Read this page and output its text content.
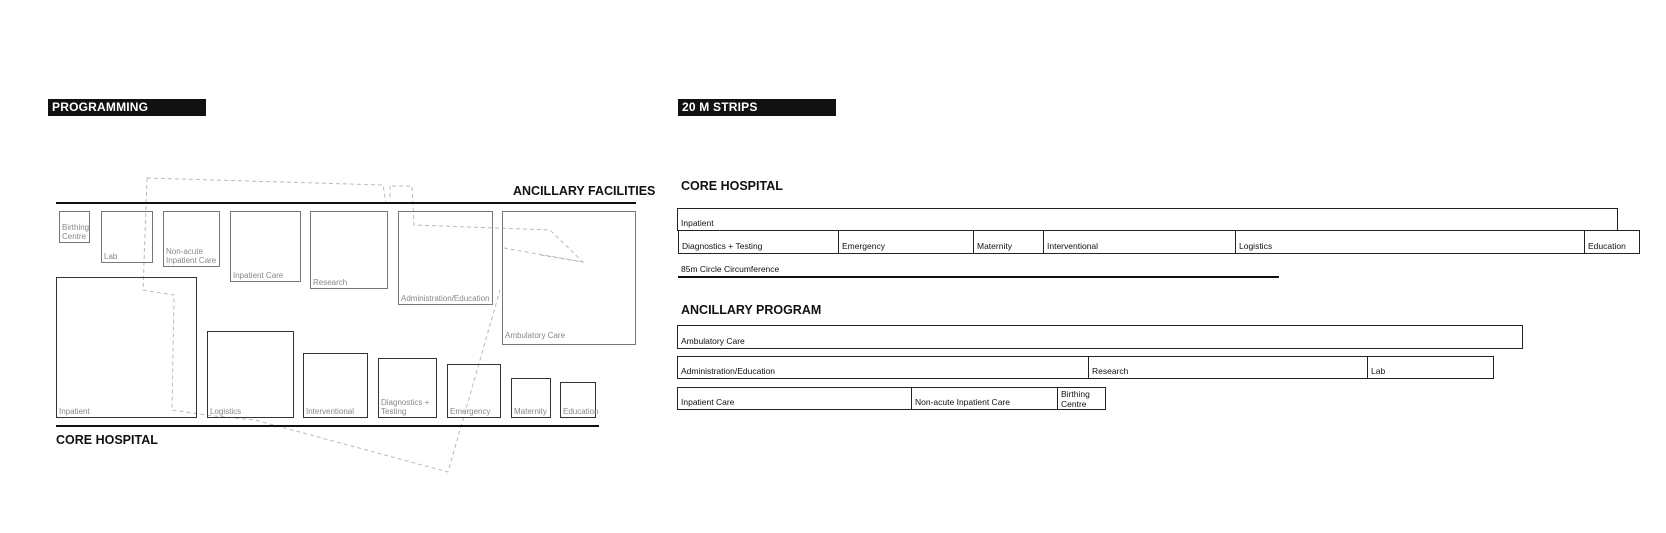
PROGRAMMING
ANCILLARY FACILITIES
Birthing Centre
Lab
Non-acute Inpatient Care
Inpatient Care
Research
Administration/Education
Ambulatory Care
Inpatient	Logistics	Interventional
Diagnostics + Testing	Emergency	Maternity Education
CORE HOSPITAL
20 M STRIPS
CORE HOSPITAL
Inpatient
Diagnostics + Testing	Emergency	Maternity	Interventional	Logistics	Education
85m Circle Circumference
ANCILLARY PROGRAM
Ambulatory Care
Administration/Education	Research	Lab
Inpatient Care	Non-acute Inpatient Care
Birthing Centre
